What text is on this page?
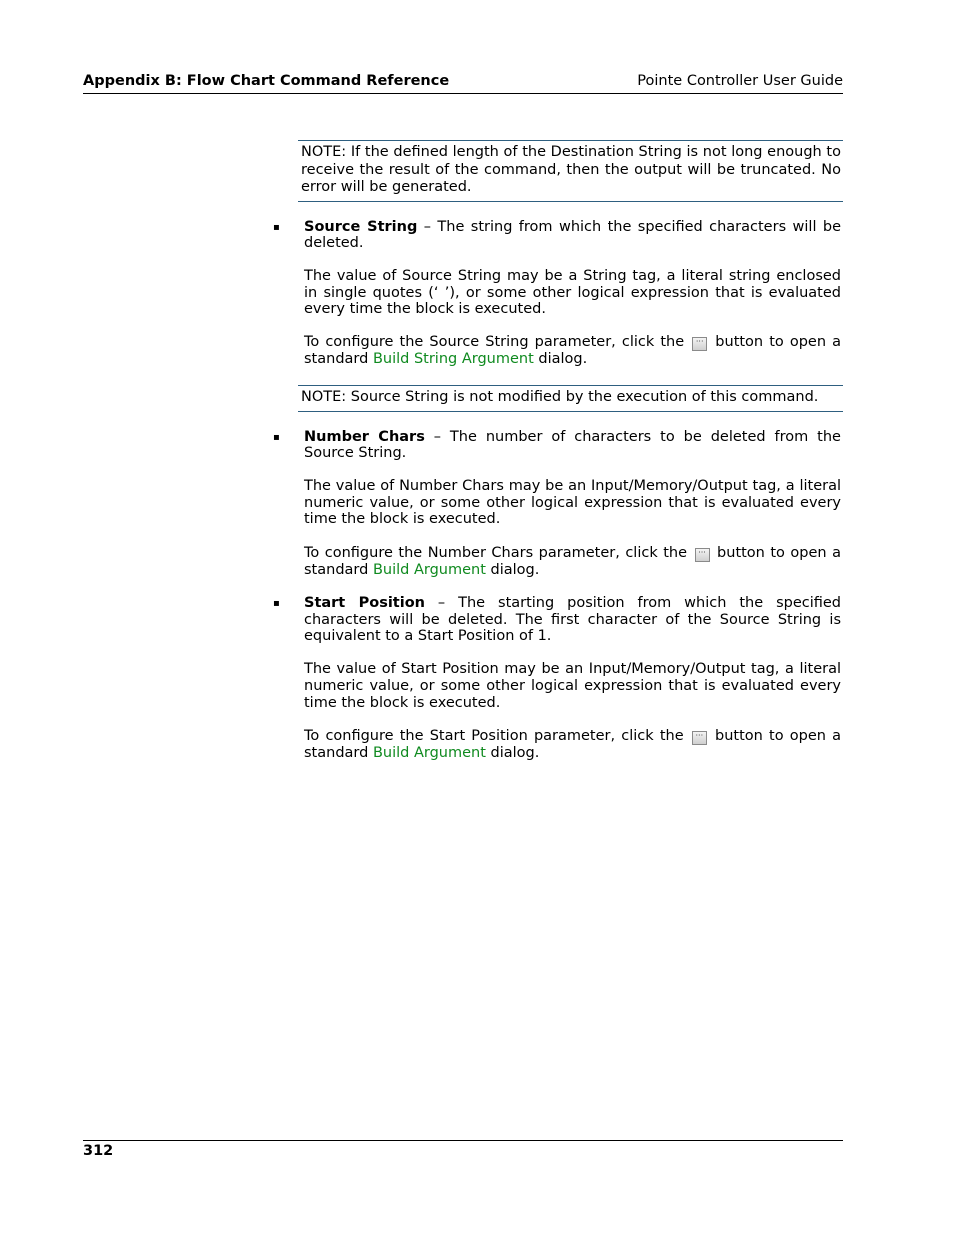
Appendix B: Flow Chart Command Reference	Pointe Controller User Guide
NOTE: If the defined length of the Destination String is not long enough to receive the result of the command, then the output will be truncated. No error will be generated.
▪ Source String – The string from which the specified characters will be deleted.

The value of Source String may be a String tag, a literal string enclosed in single quotes (‘ ’), or some other logical expression that is evaluated every time the block is executed.

To configure the Source String parameter, click the ··· button to open a standard Build String Argument dialog.

NOTE: Source String is not modified by the execution of this command.
▪ Number Chars – The number of characters to be deleted from the Source String.

The value of Number Chars may be an Input/Memory/Output tag, a literal numeric value, or some other logical expression that is evaluated every time the block is executed.

To configure the Number Chars parameter, click the ··· button to open a standard Build Argument dialog.

▪ Start Position – The starting position from which the specified characters will be deleted. The first character of the Source String is equivalent to a Start Position of 1.

The value of Start Position may be an Input/Memory/Output tag, a literal numeric value, or some other logical expression that is evaluated every time the block is executed.

To configure the Start Position parameter, click the ··· button to open a standard Build Argument dialog.

312
